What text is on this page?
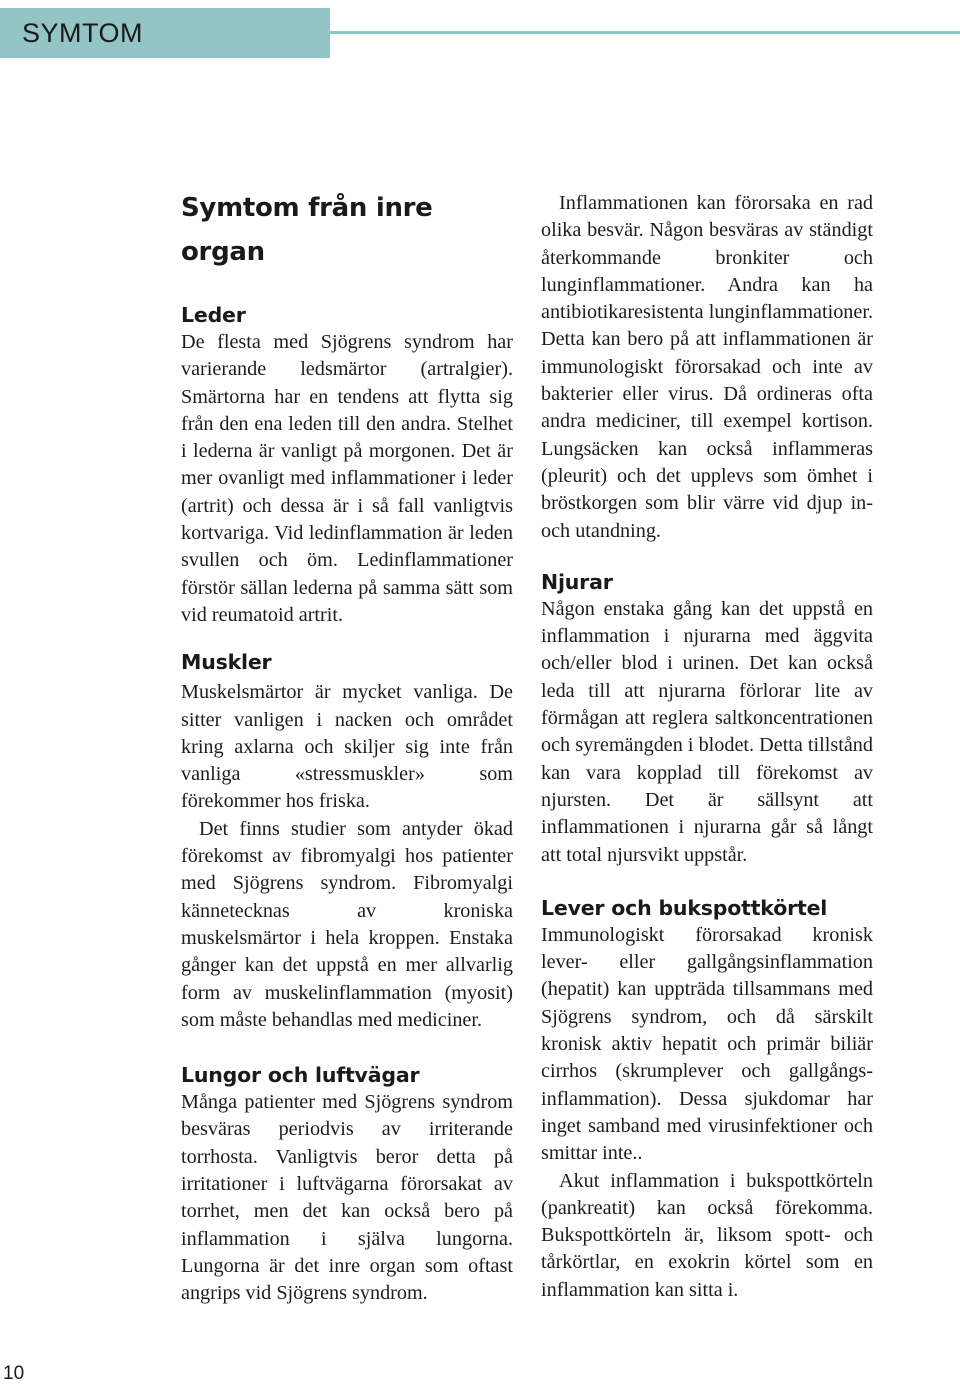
SYMTOM
Symtom från inre organ
Leder

De flesta med Sjögrens syndrom har varierande ledsmärtor (artralgier). Smärtorna har en tendens att flytta sig från den ena leden till den andra. Stelhet i lederna är vanligt på morgonen. Det är mer ovanligt med inflammationer i leder (artrit) och dessa är i så fall vanligtvis kortvariga. Vid ledinflammation är leden svullen och öm. Ledinflammationer förstör sällan lederna på samma sätt som vid reumatoid artrit.

Muskler

Muskelsmärtor är mycket vanliga. De sitter vanligen i nacken och området kring axlarna och skiljer sig inte från vanliga «stressmuskler» som förekommer hos friska.

Det finns studier som antyder ökad förekomst av fibromyalgi hos patienter med Sjögrens syndrom. Fibromyalgi kännetecknas av kroniska muskelsmärtor i hela kroppen. Enstaka gånger kan det uppstå en mer allvarlig form av muskelinflammation (myosit) som måste behandlas med mediciner.

Lungor och luftvägar

Många patienter med Sjögrens syndrom besväras periodvis av irriterande torrhosta. Vanligtvis beror detta på irritationer i luftvägarna förorsakat av torrhet, men det kan också bero på inflammation i själva lungorna. Lungorna är det inre organ som oftast angrips vid Sjögrens syndrom.

Inflammationen kan förorsaka en rad olika besvär. Någon besväras av ständigt återkommande bronkiter och lunginflammationer. Andra kan ha antibiotikaresistenta lunginflammationer. Detta kan bero på att inflammationen är immunologiskt förorsakad och inte av bakterier eller virus. Då ordineras ofta andra mediciner, till exempel kortison. Lungsäcken kan också inflammeras (pleurit) och det upplevs som ömhet i bröstkorgen som blir värre vid djup in- och utandning.

Njurar

Någon enstaka gång kan det uppstå en inflammation i njurarna med äggvita och/eller blod i urinen. Det kan också leda till att njurarna förlorar lite av förmågan att reglera saltkoncentrationen och syremängden i blodet. Detta tillstånd kan vara kopplad till förekomst av njursten. Det är sällsynt att inflammationen i njurarna går så långt att total njursvikt uppstår.

Lever och bukspottkörtel

Immunologiskt förorsakad kronisk lever- eller gallgångsinflammation (hepatit) kan uppträda tillsammans med Sjögrens syndrom, och då särskilt kronisk aktiv hepatit och primär biliär cirrhos (skrumplever och gallgångsinflammation). Dessa sjukdomar har inget samband med virusinfektioner och smittar inte..

Akut inflammation i bukspottkörteln (pankreatit) kan också förekomma. Bukspottkörteln är, liksom spott- och tårkörtlar, en exokrin körtel som en inflammation kan sitta i.

10
